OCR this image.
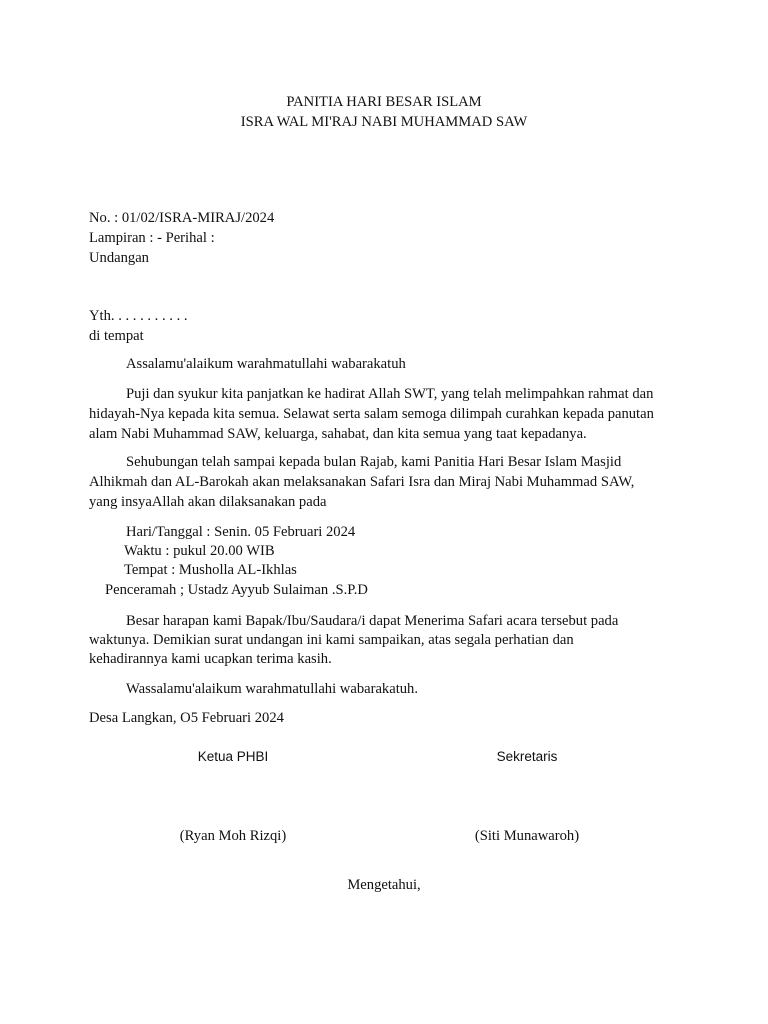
PANITIA HARI BESAR ISLAM
ISRA WAL MI'RAJ NABI MUHAMMAD SAW
No. : 01/02/ISRA-MIRAJ/2024
Lampiran : - Perihal :
Undangan
Yth. . . . . . . . . . .
di tempat
Assalamu'alaikum warahmatullahi wabarakatuh
Puji dan syukur kita panjatkan ke hadirat Allah SWT, yang telah melimpahkan rahmat dan
hidayah-Nya kepada kita semua. Selawat serta salam semoga dilimpah curahkan kepada panutan
alam Nabi Muhammad SAW, keluarga, sahabat, dan kita semua yang taat kepadanya.
Sehubungan telah sampai kepada bulan Rajab, kami Panitia Hari Besar Islam Masjid
Alhikmah dan AL-Barokah akan melaksanakan Safari Isra dan Miraj Nabi Muhammad SAW,
yang insyaAllah akan dilaksanakan pada
Hari/Tanggal : Senin. 05 Februari 2024
Waktu : pukul 20.00 WIB
Tempat : Musholla AL-Ikhlas
Penceramah ; Ustadz Ayyub Sulaiman .S.P.D
Besar harapan kami Bapak/Ibu/Saudara/i dapat Menerima Safari acara tersebut pada
waktunya. Demikian surat undangan ini kami sampaikan, atas segala perhatian dan
kehadirannya kami ucapkan terima kasih.
Wassalamu'alaikum warahmatullahi wabarakatuh.
Desa Langkan, O5 Februari 2024
Ketua PHBI	Sekretaris
(Ryan Moh Rizqi)	(Siti Munawaroh)
Mengetahui,
